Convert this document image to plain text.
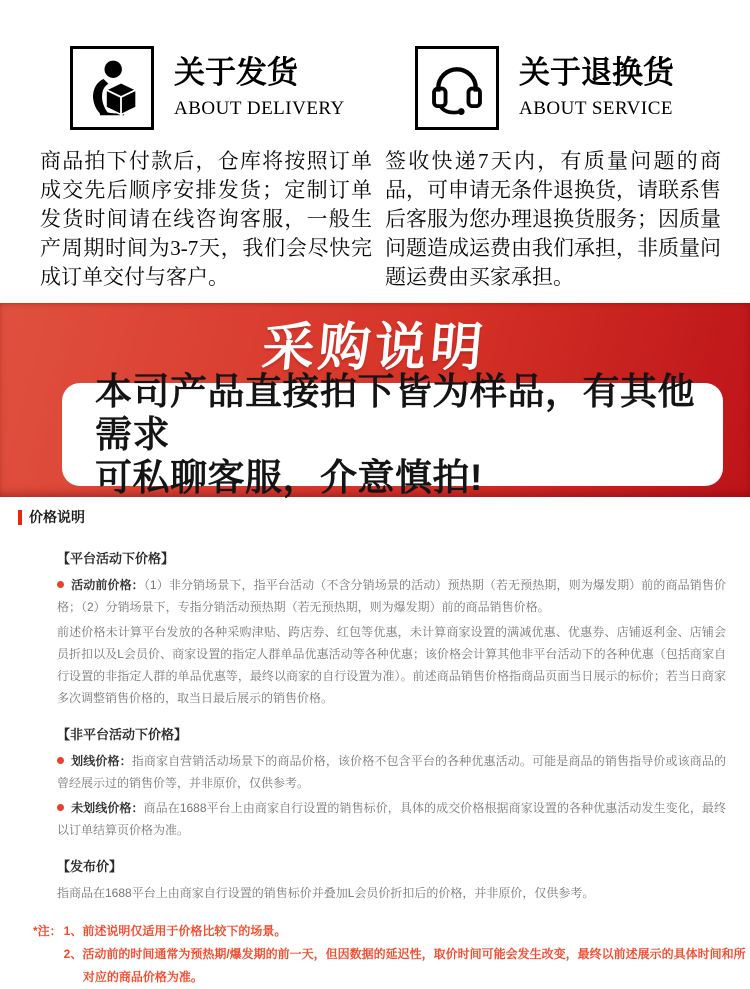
关于发货
ABOUT DELIVERY
商品拍下付款后，仓库将按照订单成交先后顺序安排发货；定制订单发货时间请在线咨询客服，一般生产周期时间为3-7天，我们会尽快完成订单交付与客户。
关于退换货
ABOUT SERVICE
签收快递7天内，有质量问题的商品，可申请无条件退换货，请联系售后客服为您办理退换货服务；因质量问题造成运费由我们承担，非质量问题运费由买家承担。
采购说明
本司产品直接拍下皆为样品，有其他需求
可私聊客服，介意慎拍!
价格说明
【平台活动下价格】

活动前价格：（1）非分销场景下，指平台活动（不含分销场景的活动）预热期（若无预热期，则为爆发期）前的商品销售价格；（2）分销场景下，专指分销活动预热期（若无预热期，则为爆发期）前的商品销售价格。

前述价格未计算平台发放的各种采购津贴、跨店券、红包等优惠，未计算商家设置的满减优惠、优惠券、店铺返利金、店铺会员折扣以及L会员价、商家设置的指定人群单品优惠活动等各种优惠；该价格会计算其他非平台活动下的各种优惠（包括商家自行设置的非指定人群的单品优惠等，最终以商家的自行设置为准）。前述商品销售价格指商品页面当日展示的标价；若当日商家多次调整销售价格的，取当日最后展示的销售价格。

【非平台活动下价格】

划线价格：指商家自营销活动场景下的商品价格，该价格不包含平台的各种优惠活动。可能是商品的销售指导价或该商品的曾经展示过的销售价等，并非原价，仅供参考。

未划线价格：商品在1688平台上由商家自行设置的销售标价，具体的成交价格根据商家设置的各种优惠活动发生变化，最终以订单结算页价格为准。

【发布价】

指商品在1688平台上由商家自行设置的销售标价并叠加L会员价折扣后的价格，并非原价，仅供参考。

*注： 1、前述说明仅适用于价格比较下的场景。

2、活动前的时间通常为预热期/爆发期的前一天，但因数据的延迟性，取价时间可能会发生改变，最终以前述展示的具体时间和所对应的商品价格为准。
